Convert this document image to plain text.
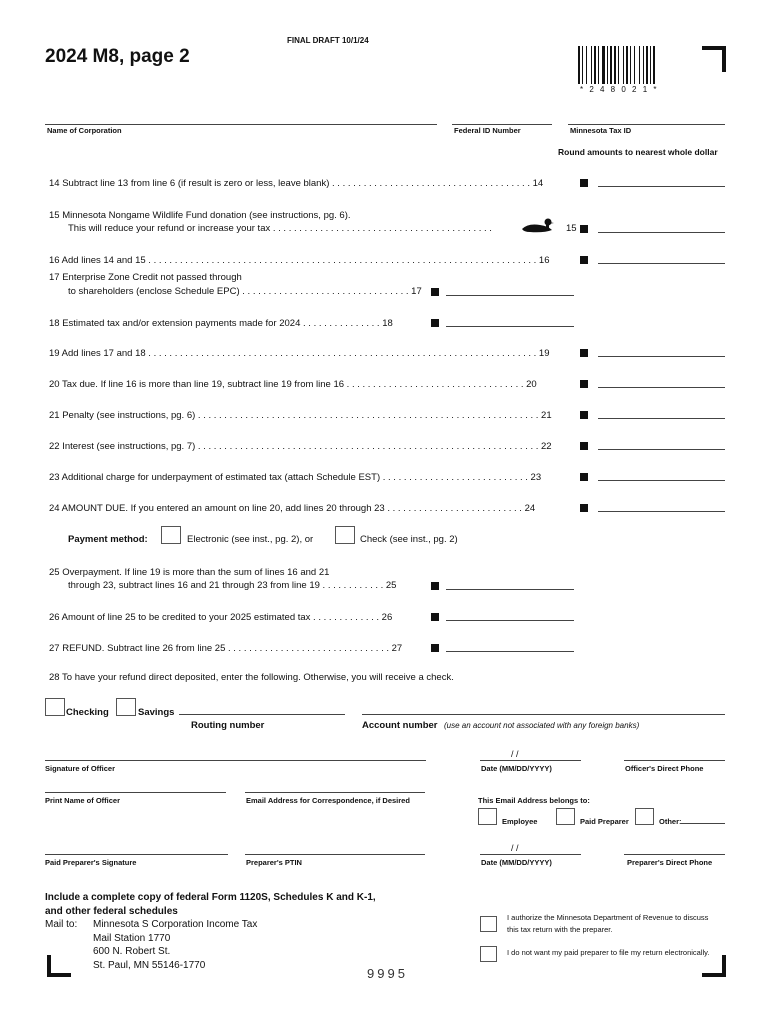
2024 M8, page 2
FINAL DRAFT 10/1/24
* 2 4 8 0 2 1 *
Name of Corporation	Federal ID Number	Minnesota Tax ID
Round amounts to nearest whole dollar
14 Subtract line 13 from line 6 (if result is zero or less, leave blank) . . . . . . . . . . . . . . . . . . . . . . . . . . . . . . . . . . . . . . 14
15 Minnesota Nongame Wildlife Fund donation (see instructions, pg. 6).
This will reduce your refund or increase your tax . . . . . . . . . . . . . . . . . . . . . . . . . . . . . . . . . . . . . . . . . .	15
16 Add lines 14 and 15 . . . . . . . . . . . . . . . . . . . . . . . . . . . . . . . . . . . . . . . . . . . . . . . . . . . . . . . . . . . . . . . . . . . . . . . . . . 16
17 Enterprise Zone Credit not passed through
to shareholders (enclose Schedule EPC) . . . . . . . . . . . . . . . . . . . . . . . . . . . . . . . . 17
18 Estimated tax and/or extension payments made for 2024 . . . . . . . . . . . . . . . 18
19 Add lines 17 and 18 . . . . . . . . . . . . . . . . . . . . . . . . . . . . . . . . . . . . . . . . . . . . . . . . . . . . . . . . . . . . . . . . . . . . . . . . . . 19
20 Tax due. If line 16 is more than line 19, subtract line 19 from line 16 . . . . . . . . . . . . . . . . . . . . . . . . . . . . . . . . . . 20
21 Penalty (see instructions, pg. 6) . . . . . . . . . . . . . . . . . . . . . . . . . . . . . . . . . . . . . . . . . . . . . . . . . . . . . . . . . . . . . . . . . 21
22 Interest (see instructions, pg. 7) . . . . . . . . . . . . . . . . . . . . . . . . . . . . . . . . . . . . . . . . . . . . . . . . . . . . . . . . . . . . . . . . . 22
23 Additional charge for underpayment of estimated tax (attach Schedule EST) . . . . . . . . . . . . . . . . . . . . . . . . . . . . 23
24 AMOUNT DUE. If you entered an amount on line 20, add lines 20 through 23 . . . . . . . . . . . . . . . . . . . . . . . . . . 24
Payment method:	Electronic (see inst., pg. 2), or	Check (see inst., pg. 2)
25 Overpayment. If line 19 is more than the sum of lines 16 and 21
through 23, subtract lines 16 and 21 through 23 from line 19 . . . . . . . . . . . . 25
26 Amount of line 25 to be credited to your 2025 estimated tax . . . . . . . . . . . . . 26
27 REFUND. Subtract line 26 from line 25 . . . . . . . . . . . . . . . . . . . . . . . . . . . . . . . 27
28 To have your refund direct deposited, enter the following. Otherwise, you will receive a check.
Checking	Savings
Routing number	Account number (use an account not associated with any foreign banks)
Signature of Officer
/ /
Date (MM/DD/YYYY)	Officer's Direct Phone
Print Name of Officer	Email Address for Correspondence, if Desired	This Email Address belongs to:
Employee	Paid Preparer	Other:
Paid Preparer's Signature	Preparer's PTIN
/ /
Date (MM/DD/YYYY)	Preparer's Direct Phone
Include a complete copy of federal Form 1120S, Schedules K and K-1,
and other federal schedules
Mail to: Minnesota S Corporation Income Tax
Mail Station 1770
600 N. Robert St.
St. Paul, MN 55146-1770
9995
I authorize the Minnesota Department of Revenue to discuss
this tax return with the preparer.
I do not want my paid preparer to file my return electronically.
